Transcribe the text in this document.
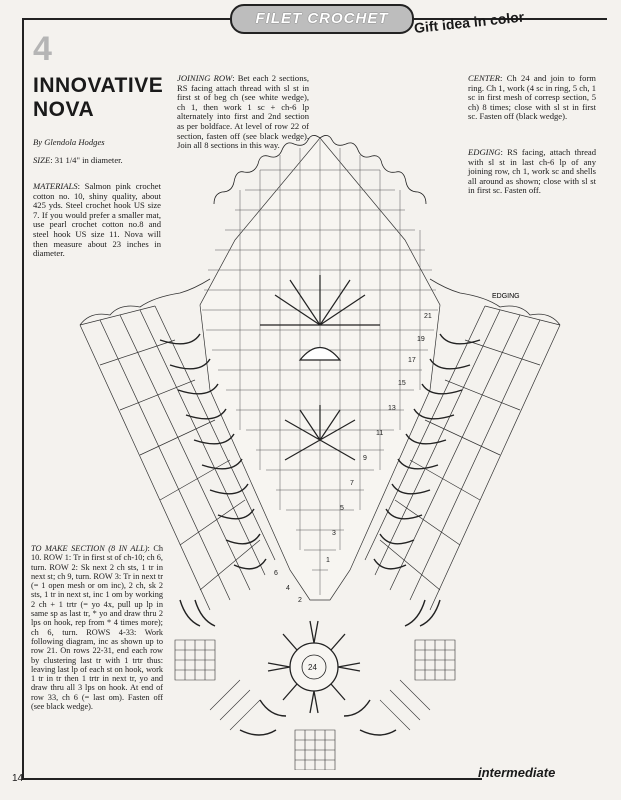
FILET CROCHET	Gift idea in color
4
INNOVATIVE
NOVA
By Glendola Hodges
SIZE: 31 1/4" in diameter.
MATERIALS: Salmon pink crochet cotton no. 10, shiny quality, about 425 yds. Steel crochet hook US size 7. If you would prefer a smaller mat, use pearl crochet cotton no.8 and steel hook US size 11. Nova will then measure about 23 inches in diameter.
JOINING ROW: Bet each 2 sections, RS facing attach thread with sl st in first st of beg ch (see white wedge), ch 1, then work 1 sc + ch-6 lp alternately into first and 2nd section as per boldface. At level of row 22 of section, fasten off (see black wedge). Join all 8 sections in this way.
CENTER: Ch 24 and join to form ring. Ch 1, work (4 sc in ring, 5 ch, 1 sc in first mesh of corresp section, 5 ch) 8 times; close with sl st in first sc. Fasten off (black wedge).
EDGING: RS facing, attach thread with sl st in last ch-6 lp of any joining row, ch 1, work sc and shells all around as shown; close with sl st in first sc. Fasten off.
TO MAKE SECTION (8 IN ALL): Ch 10. ROW 1: Tr in first st of ch-10; ch 6, turn. ROW 2: Sk next 2 ch sts, 1 tr in next st; ch 9, turn. ROW 3: Tr in next tr (= 1 open mesh or om inc), 2 ch, sk 2 sts, 1 tr in next st, inc 1 om by working 2 ch + 1 trtr (= yo 4x, pull up lp in same sp as last tr, * yo and draw thru 2 lps on hook, rep from * 4 times more); ch 6, turn. ROWS 4-33: Work following diagram, inc as shown up to row 21. On rows 22-31, end each row by clustering last tr with 1 trtr thus: leaving last lp of each st on hook, work 1 tr in tr then 1 trtr in next tr, yo and draw thru all 3 lps on hook. At end of row 33, ch 6 (= last om). Fasten off (see black wedge).
EDGING
21
19
17
15
13
11
9
7
5
3
1
6
4
2
24
14	intermediate
